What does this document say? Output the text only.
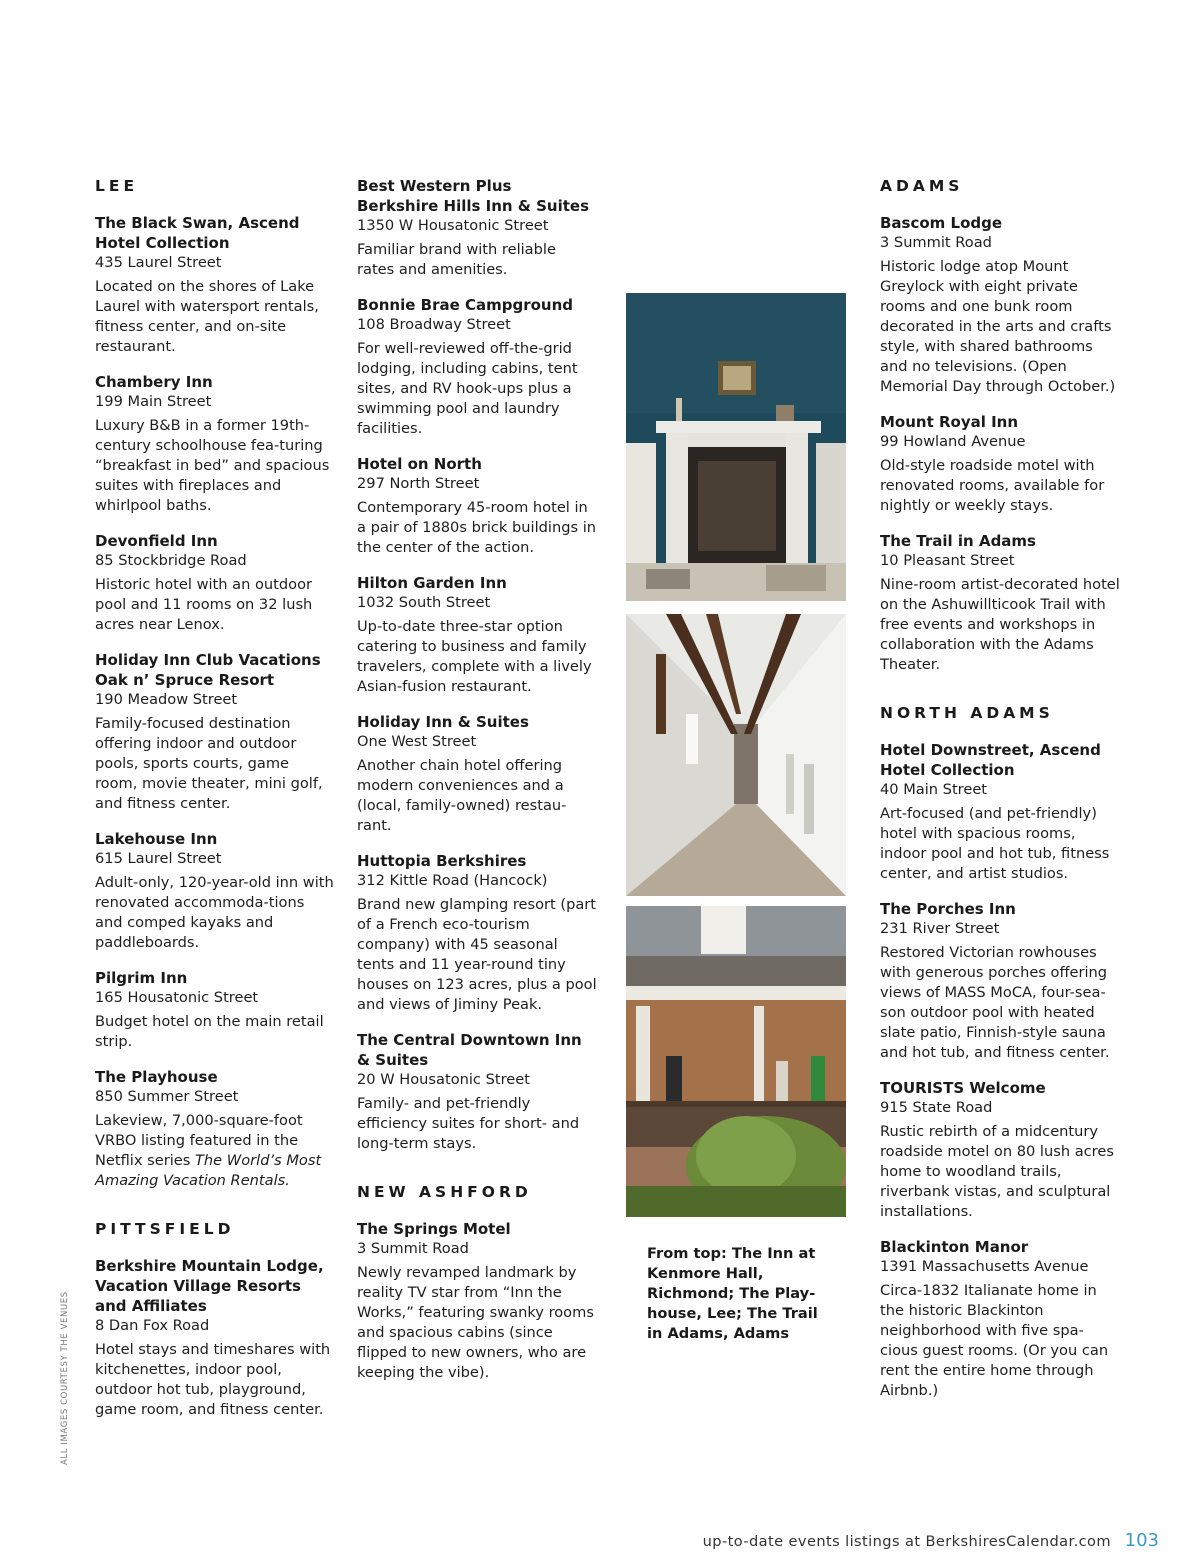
LEE
The Black Swan, Ascend Hotel Collection
435 Laurel Street
Located on the shores of Lake Laurel with watersport rentals, fitness center, and on-site restaurant.
Chambery Inn
199 Main Street
Luxury B&B in a former 19th-century schoolhouse fea-turing “breakfast in bed” and spacious suites with fireplaces and whirlpool baths.
Devonfield Inn
85 Stockbridge Road
Historic hotel with an outdoor pool and 11 rooms on 32 lush acres near Lenox.
Holiday Inn Club Vacations Oak n’ Spruce Resort
190 Meadow Street
Family-focused destination offering indoor and outdoor pools, sports courts, game room, movie theater, mini golf, and fitness center.
Lakehouse Inn
615 Laurel Street
Adult-only, 120-year-old inn with renovated accommoda-tions and comped kayaks and paddleboards.
Pilgrim Inn
165 Housatonic Street
Budget hotel on the main retail strip.
The Playhouse
850 Summer Street
Lakeview, 7,000-square-foot VRBO listing featured in the Netflix series The World’s Most Amazing Vacation Rentals.
PITTSFIELD
Berkshire Mountain Lodge, Vacation Village Resorts and Affiliates
8 Dan Fox Road
Hotel stays and timeshares with kitchenettes, indoor pool, outdoor hot tub, playground, game room, and fitness center.
Best Western Plus Berkshire Hills Inn & Suites
1350 W Housatonic Street
Familiar brand with reliable rates and amenities.
Bonnie Brae Campground
108 Broadway Street
For well-reviewed off-the-grid lodging, including cabins, tent sites, and RV hook-ups plus a swimming pool and laundry facilities.
Hotel on North
297 North Street
Contemporary 45-room hotel in a pair of 1880s brick buildings in the center of the action.
Hilton Garden Inn
1032 South Street
Up-to-date three-star option catering to business and family travelers, complete with a lively Asian-fusion restaurant.
Holiday Inn & Suites
One West Street
Another chain hotel offering modern conveniences and a (local, family-owned) restau-rant.
Huttopia Berkshires
312 Kittle Road (Hancock)
Brand new glamping resort (part of a French eco-tourism company) with 45 seasonal tents and 11 year-round tiny houses on 123 acres, plus a pool and views of Jiminy Peak.
The Central Downtown Inn & Suites
20 W Housatonic Street
Family- and pet-friendly efficiency suites for short- and long-term stays.
NEW ASHFORD
The Springs Motel
3 Summit Road
Newly revamped landmark by reality TV star from “Inn the Works,” featuring swanky rooms and spacious cabins (since flipped to new owners, who are keeping the vibe).
From top: The Inn at Kenmore Hall, Richmond; The Play-house, Lee; The Trail in Adams, Adams
ADAMS
Bascom Lodge
3 Summit Road
Historic lodge atop Mount Greylock with eight private rooms and one bunk room decorated in the arts and crafts style, with shared bathrooms and no televisions. (Open Memorial Day through October.)
Mount Royal Inn
99 Howland Avenue
Old-style roadside motel with renovated rooms, available for nightly or weekly stays.
The Trail in Adams
10 Pleasant Street
Nine-room artist-decorated hotel on the Ashuwillticook Trail with free events and workshops in collaboration with the Adams Theater.
NORTH ADAMS
Hotel Downstreet, Ascend Hotel Collection
40 Main Street
Art-focused (and pet-friendly) hotel with spacious rooms, indoor pool and hot tub, fitness center, and artist studios.
The Porches Inn
231 River Street
Restored Victorian rowhouses with generous porches offering views of MASS MoCA, four-sea-son outdoor pool with heated slate patio, Finnish-style sauna and hot tub, and fitness center.
TOURISTS Welcome
915 State Road
Rustic rebirth of a midcentury roadside motel on 80 lush acres home to woodland trails, riverbank vistas, and sculptural installations.
Blackinton Manor
1391 Massachusetts Avenue
Circa-1832 Italianate home in the historic Blackinton neighborhood with five spa-cious guest rooms. (Or you can rent the entire home through Airbnb.)
ALL IMAGES COURTESY THE VENUES
up-to-date events listings at BerkshiresCalendar.com 103
